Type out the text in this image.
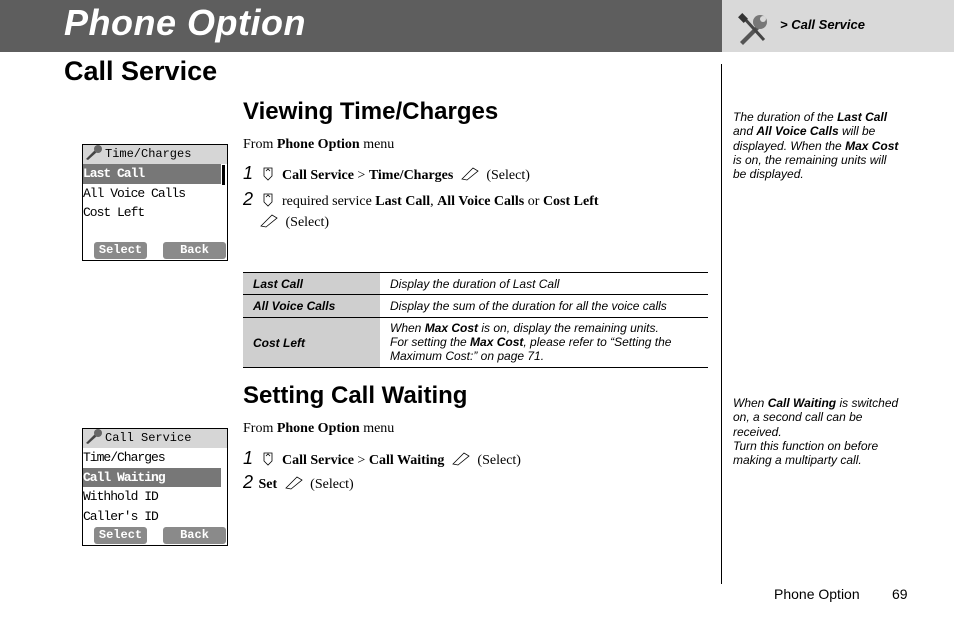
Phone Option	> Call Service
Call Service
Viewing Time/Charges
From Phone Option menu
1 Call Service > Time/Charges (Select)
2 required service Last Call, All Voice Calls or Cost Left
(Select)
Time/Charges
Last Call
All Voice Calls
Cost Left
Select	Back
Last Call	Display the duration of Last Call
All Voice Calls	Display the sum of the duration for all the voice calls
Cost Left	When Max Cost is on, display the remaining units.
For setting the Max Cost, please refer to “Setting the
Maximum Cost:” on page 71.
Setting Call Waiting
From Phone Option menu
1 Call Service > Call Waiting (Select)
2 Set (Select)
Call Service
Time/Charges
Call Waiting
Withhold ID
Caller's ID
Select	Back
The duration of the Last Call and All Voice Calls will be displayed. When the Max Cost is on, the remaining units will be displayed.
When Call Waiting is switched on, a second call can be received.
Turn this function on before making a multiparty call.
Phone Option 69
